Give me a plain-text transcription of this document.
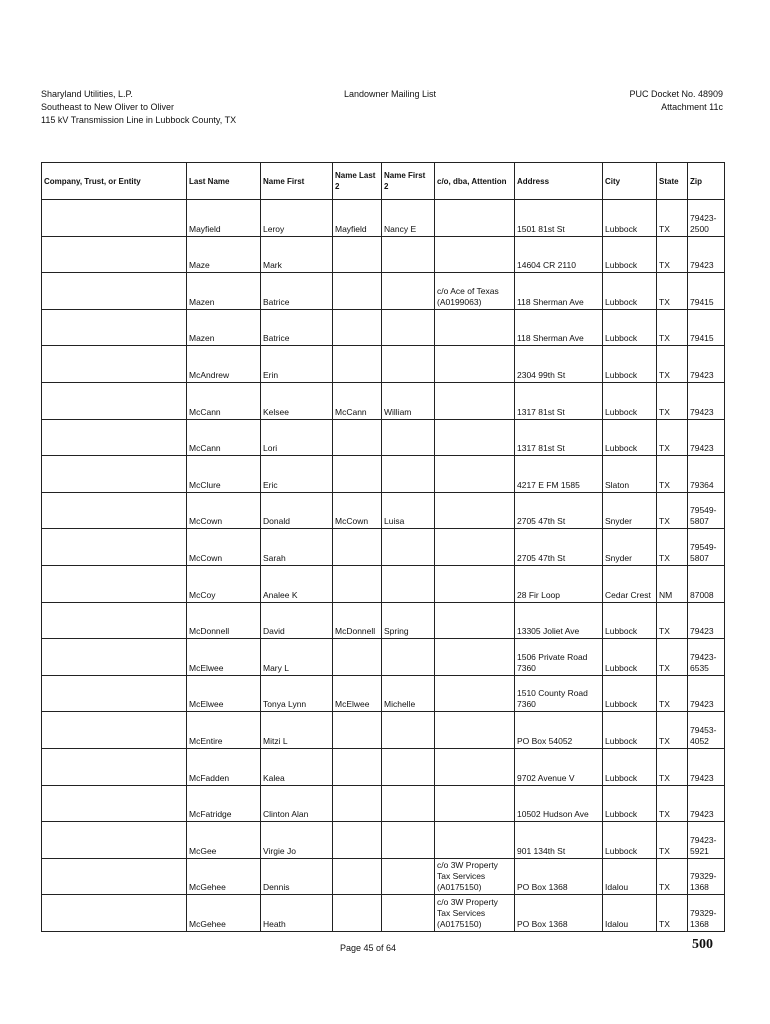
Sharyland Utilities, L.P.
Southeast to New Oliver to Oliver
115 kV Transmission Line in Lubbock County, TX
Landowner Mailing List	PUC Docket No. 48909
Attachment 11c
Company, Trust, or Entity	Last Name	Name First	Name Last 2	Name First 2	c/o, dba, Attention	Address	City	State	Zip
	Mayfield	Leroy	Mayfield	Nancy E		1501 81st St	Lubbock	TX	79423-2500
	Maze	Mark				14604 CR 2110	Lubbock	TX	79423
	Mazen	Batrice			c/o Ace of Texas (A0199063)	118 Sherman Ave	Lubbock	TX	79415
	Mazen	Batrice				118 Sherman Ave	Lubbock	TX	79415
	McAndrew	Erin				2304 99th St	Lubbock	TX	79423
	McCann	Kelsee	McCann	William		1317 81st St	Lubbock	TX	79423
	McCann	Lori				1317 81st St	Lubbock	TX	79423
	McClure	Eric				4217 E FM 1585	Slaton	TX	79364
	McCown	Donald	McCown	Luisa		2705 47th St	Snyder	TX	79549-5807
	McCown	Sarah				2705 47th St	Snyder	TX	79549-5807
	McCoy	Analee K				28 Fir Loop	Cedar Crest	NM	87008
	McDonnell	David	McDonnell	Spring		13305 Joliet Ave	Lubbock	TX	79423
	McElwee	Mary L				1506 Private Road 7360	Lubbock	TX	79423-6535
	McElwee	Tonya Lynn	McElwee	Michelle		1510 County Road 7360	Lubbock	TX	79423
	McEntire	Mitzi L				PO Box 54052	Lubbock	TX	79453-4052
	McFadden	Kalea				9702 Avenue V	Lubbock	TX	79423
	McFatridge	Clinton Alan				10502 Hudson Ave	Lubbock	TX	79423
	McGee	Virgie Jo				901 134th St	Lubbock	TX	79423-5921
	McGehee	Dennis			c/o 3W Property Tax Services (A0175150)	PO Box 1368	Idalou	TX	79329-1368
	McGehee	Heath			c/o 3W Property Tax Services (A0175150)	PO Box 1368	Idalou	TX	79329-1368
Page 45 of 64	500
